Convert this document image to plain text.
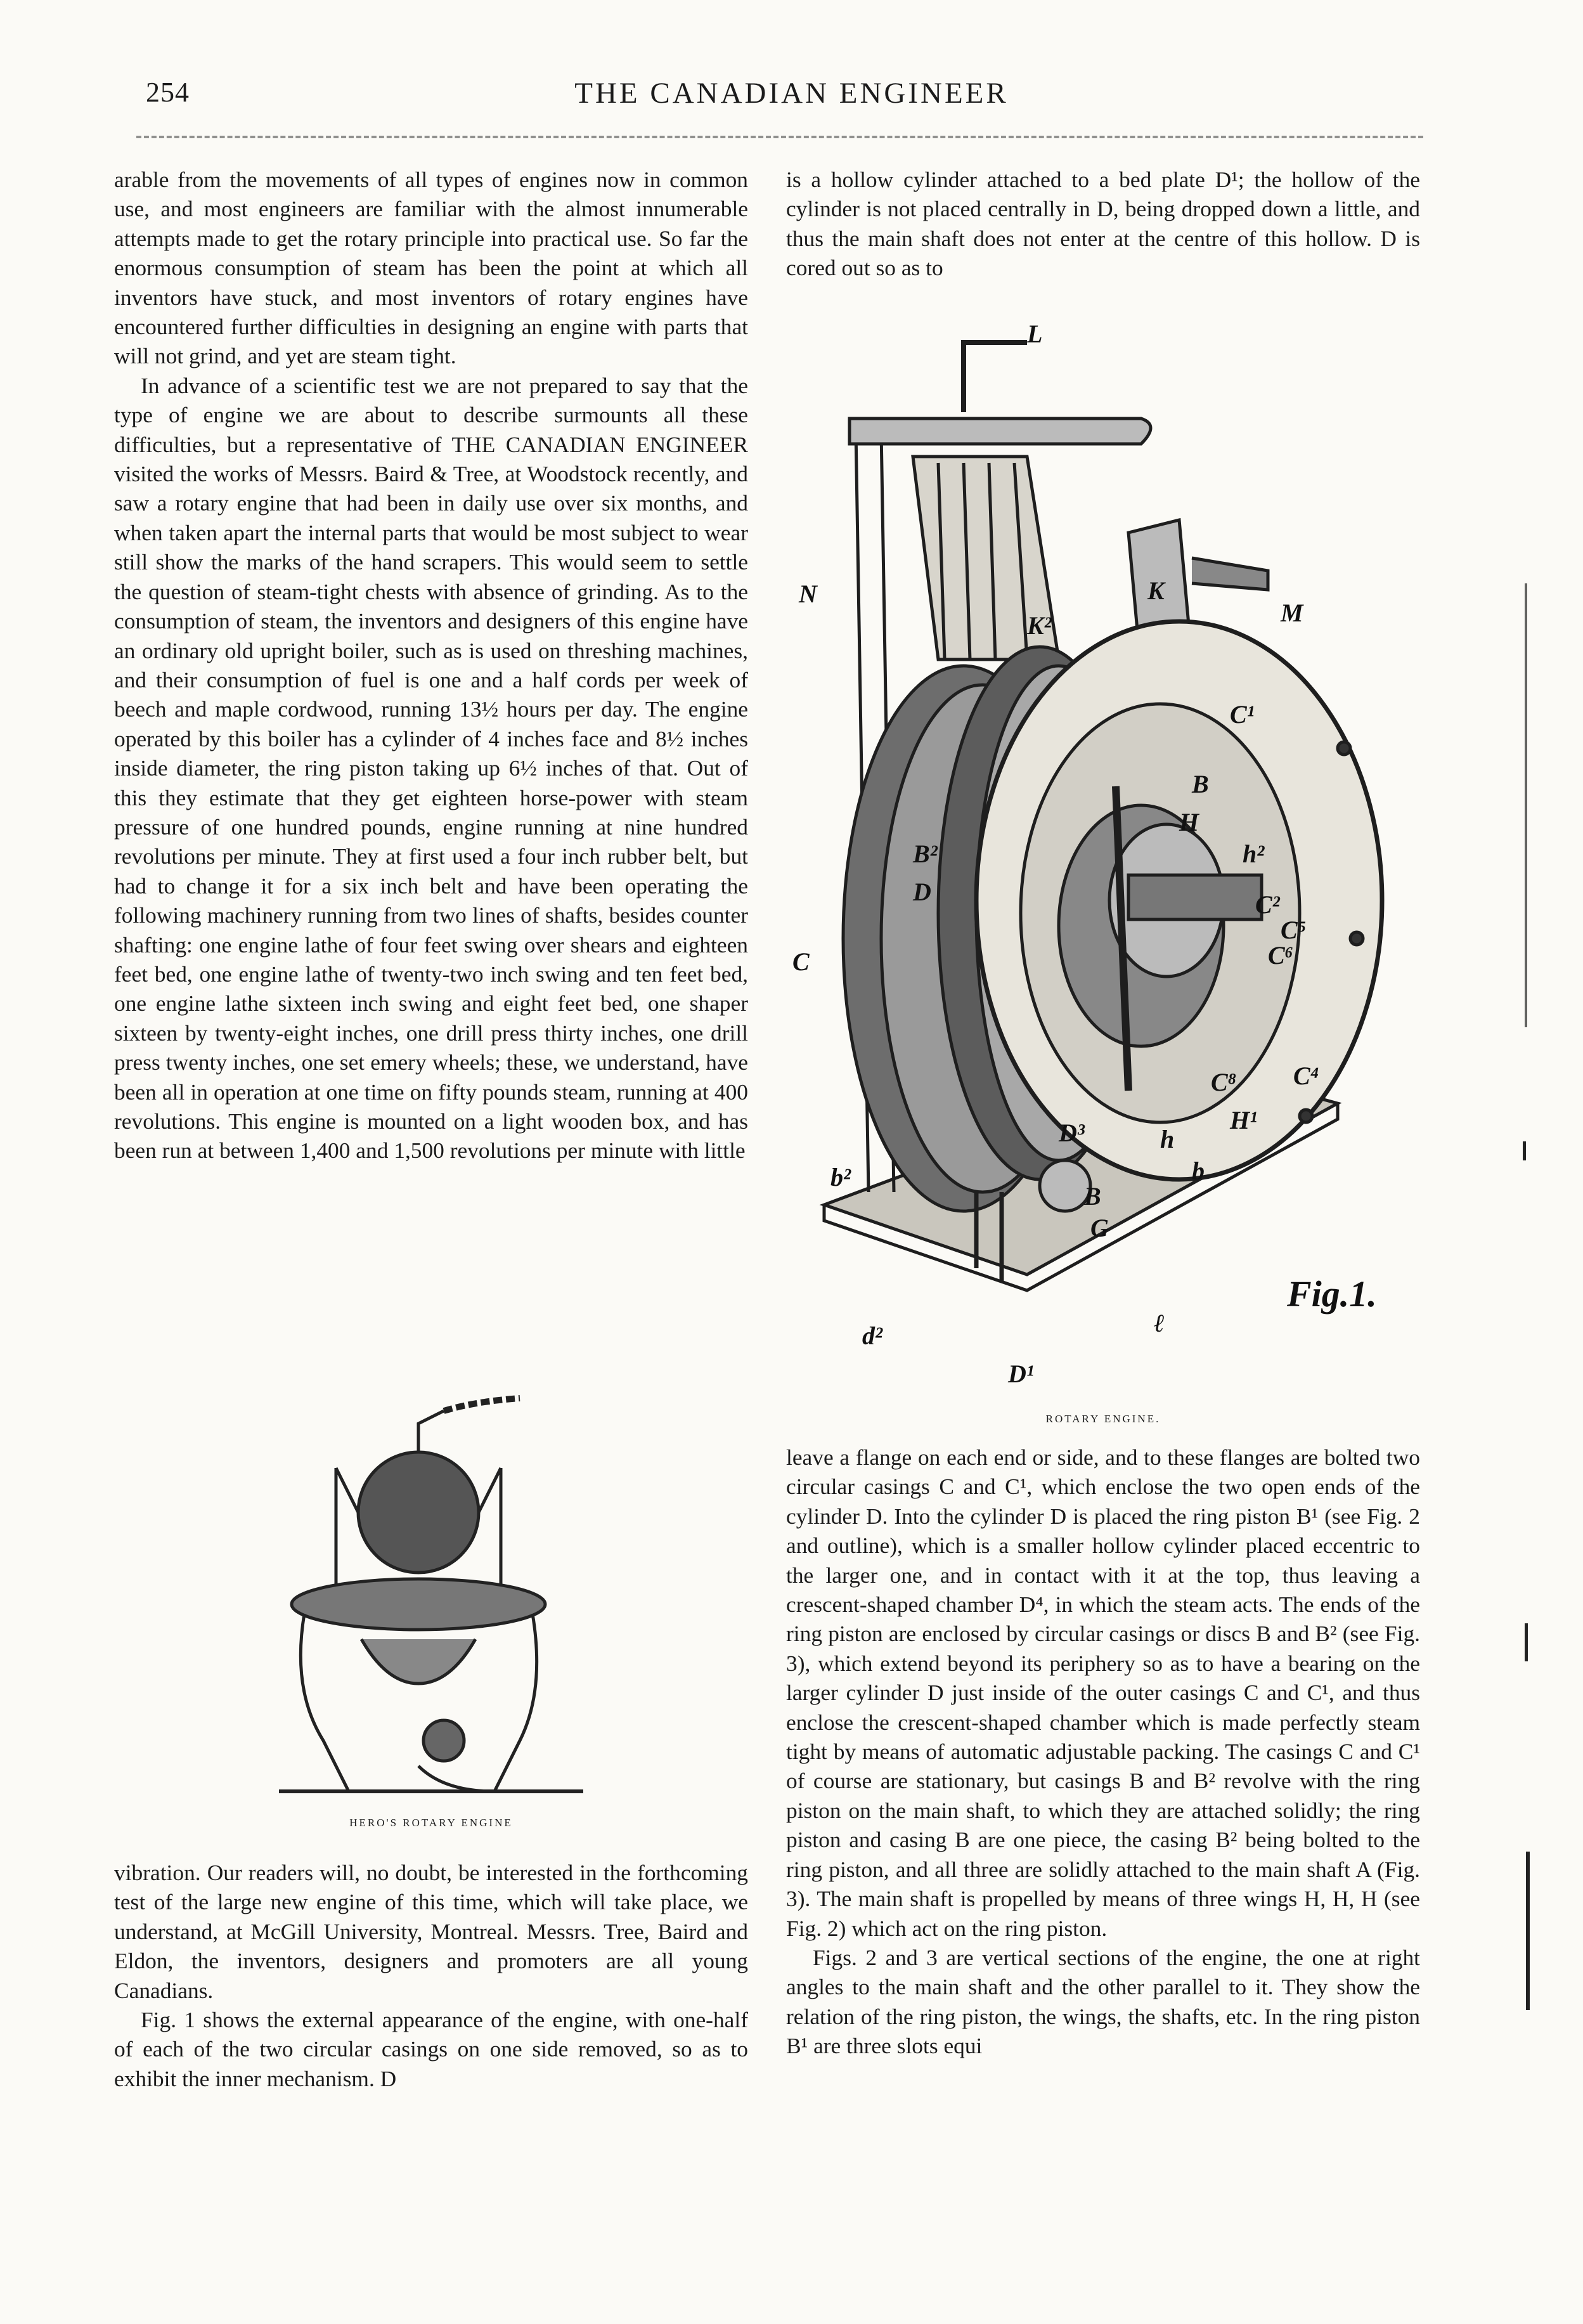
254	THE CANADIAN ENGINEER

arable from the movements of all types of engines now in common use, and most engineers are familiar with the almost innumerable attempts made to get the rotary principle into practical use. So far the enormous consumption of steam has been the point at which all inventors have stuck, and most inventors of rotary engines have encountered further difficulties in designing an engine with parts that will not grind, and yet are steam tight.

In advance of a scientific test we are not prepared to say that the type of engine we are about to describe surmounts all these difficulties, but a representative of THE CANADIAN ENGINEER visited the works of Messrs. Baird & Tree, at Woodstock recently, and saw a rotary engine that had been in daily use over six months, and when taken apart the internal parts that would be most subject to wear still show the marks of the hand scrapers. This would seem to settle the question of steam-tight chests with absence of grinding. As to the consumption of steam, the inventors and designers of this engine have an ordinary old upright boiler, such as is used on threshing machines, and their consumption of fuel is one and a half cords per week of beech and maple cordwood, running 13½ hours per day. The engine operated by this boiler has a cylinder of 4 inches face and 8½ inches inside diameter, the ring piston taking up 6½ inches of that. Out of this they estimate that they get eighteen horse-power with steam pressure of one hundred pounds, engine running at nine hundred revolutions per minute. They at first used a four inch rubber belt, but had to change it for a six inch belt and have been operating the following machinery running from two lines of shafts, besides counter shafting: one engine lathe of four feet swing over shears and eighteen feet bed, one engine lathe of twenty-two inch swing and ten feet bed, one engine lathe sixteen inch swing and eight feet bed, one shaper sixteen by twenty-eight inches, one drill press thirty inches, one drill press twenty inches, one set emery wheels; these, we understand, have been all in operation at one time on fifty pounds steam, running at 400 revolutions. This engine is mounted on a light wooden box, and has been run at between 1,400 and 1,500 revolutions per minute with little

HERO'S ROTARY ENGINE

vibration. Our readers will, no doubt, be interested in the forthcoming test of the large new engine of this time, which will take place, we understand, at McGill University, Montreal. Messrs. Tree, Baird and Eldon, the inventors, designers and promoters are all young Canadians.

Fig. 1 shows the external appearance of the engine, with one-half of each of the two circular casings on one side removed, so as to exhibit the inner mechanism. D

is a hollow cylinder attached to a bed plate D¹; the hollow of the cylinder is not placed centrally in D, being dropped down a little, and thus the main shaft does not enter at the centre of this hollow. D is cored out so as to

L
N	K
K²	M
B²
D
C
H
B
h²
C¹
C²
C⁵
C⁶
C⁸ C⁴
H¹
D³
b²	b
B
G
h
d²
D¹
ℓ
Fig.1.
ROTARY ENGINE.

leave a flange on each end or side, and to these flanges are bolted two circular casings C and C¹, which enclose the two open ends of the cylinder D. Into the cylinder D is placed the ring piston B¹ (see Fig. 2 and outline), which is a smaller hollow cylinder placed eccentric to the larger one, and in contact with it at the top, thus leaving a crescent-shaped chamber D⁴, in which the steam acts. The ends of the ring piston are enclosed by circular casings or discs B and B² (see Fig. 3), which extend beyond its periphery so as to have a bearing on the larger cylinder D just inside of the outer casings C and C¹, and thus enclose the crescent-shaped chamber which is made perfectly steam tight by means of automatic adjustable packing. The casings C and C¹ of course are stationary, but casings B and B² revolve with the ring piston on the main shaft, to which they are attached solidly; the ring piston and casing B are one piece, the casing B² being bolted to the ring piston, and all three are solidly attached to the main shaft A (Fig. 3). The main shaft is propelled by means of three wings H, H, H (see Fig. 2) which act on the ring piston.

Figs. 2 and 3 are vertical sections of the engine, the one at right angles to the main shaft and the other parallel to it. They show the relation of the ring piston, the wings, the shafts, etc. In the ring piston B¹ are three slots equi
